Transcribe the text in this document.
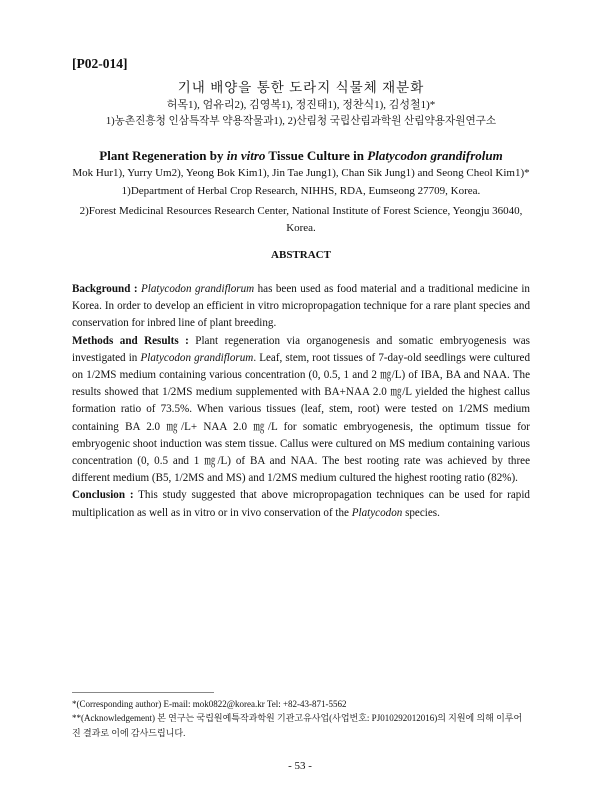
[P02-014]
기내 배양을 통한 도라지 식물체 재분화
허목1), 엄유리2), 김영복1), 정진태1), 정찬식1), 김성철1)*
1)농촌진흥청 인삼특작부 약용작물과1), 2)산림청 국립산림과학원 산림약용자원연구소
Plant Regeneration by in vitro Tissue Culture in Platycodon grandifrolum
Mok Hur1), Yurry Um2), Yeong Bok Kim1), Jin Tae Jung1), Chan Sik Jung1) and Seong Cheol Kim1)*
1)Department of Herbal Crop Research, NIHHS, RDA, Eumseong 27709, Korea.
2)Forest Medicinal Resources Research Center, National Institute of Forest Science, Yeongju 36040, Korea.
ABSTRACT

Background : Platycodon grandiflorum has been used as food material and a traditional medicine in Korea. In order to develop an efficient in vitro micropropagation technique for a rare plant species and conservation for inbred line of plant breeding.

Methods and Results : Plant regeneration via organogenesis and somatic embryogenesis was investigated in Platycodon grandiflorum. Leaf, stem, root tissues of 7-day-old seedlings were cultured on 1/2MS medium containing various concentration (0, 0.5, 1 and 2 ㎎/L) of IBA, BA and NAA. The results showed that 1/2MS medium supplemented with BA+NAA 2.0 ㎎/L yielded the highest callus formation ratio of 73.5%. When various tissues (leaf, stem, root) were tested on 1/2MS medium containing BA 2.0 ㎎/L+ NAA 2.0 ㎎/L for somatic embryogenesis, the optimum tissue for embryogenic shoot induction was stem tissue. Callus were cultured on MS medium containing various concentration (0, 0.5 and 1 ㎎/L) of BA and NAA. The best rooting rate was achieved by three different medium (B5, 1/2MS and MS) and 1/2MS medium cultured the highest rooting ratio (82%).

Conclusion : This study suggested that above micropropagation techniques can be used for rapid multiplication as well as in vitro or in vivo conservation of the Platycodon species.

*(Corresponding author) E-mail: mok0822@korea.kr Tel: +82-43-871-5562
**(Acknowledgement) 본 연구는 국립원예특작과학원 기관고유사업(사업번호: PJ010292012016)의 지원에 의해 이루어진 결과로 이에 감사드립니다.
- 53 -
